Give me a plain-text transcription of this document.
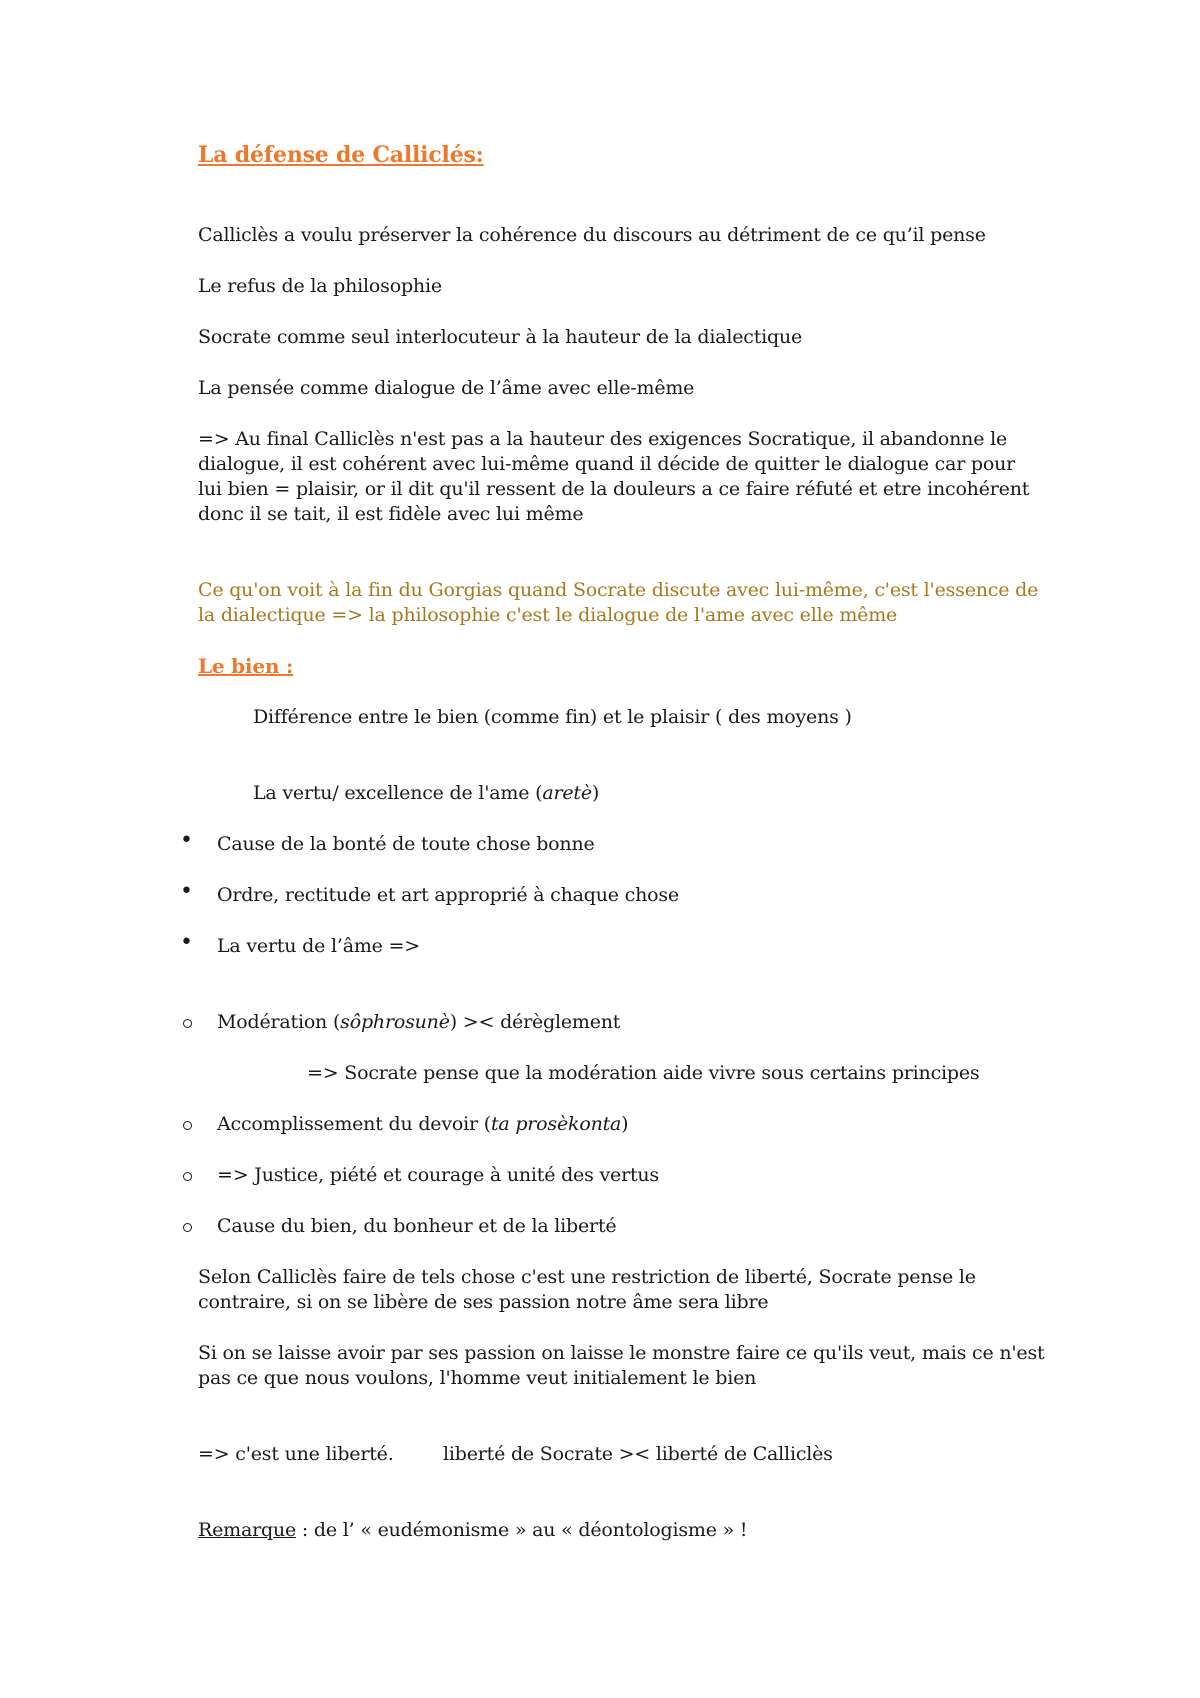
La défense de Calliclés:
Calliclès a voulu préserver la cohérence du discours au détriment de ce qu’il pense
Le refus de la philosophie
Socrate comme seul interlocuteur à la hauteur de la dialectique
La pensée comme dialogue de l’âme avec elle-même
=> Au final Calliclès n'est pas a la hauteur des exigences Socratique, il abandonne le
dialogue, il est cohérent avec lui-même quand il décide de quitter le dialogue car pour
lui bien = plaisir, or il dit qu'il ressent de la douleurs a ce faire réfuté et etre incohérent
donc il se tait, il est fidèle avec lui même
Ce qu'on voit à la fin du Gorgias quand Socrate discute avec lui-même, c'est l'essence de
la dialectique => la philosophie c'est le dialogue de l'ame avec elle même
Le bien :
Différence entre le bien (comme fin) et le plaisir ( des moyens )
La vertu/ excellence de l'ame (aretè)
• Cause de la bonté de toute chose bonne
• Ordre, rectitude et art approprié à chaque chose
• La vertu de l’âme =>
Modération (sôphrosunè) >< dérèglement
=> Socrate pense que la modération aide vivre sous certains principes
Accomplissement du devoir (ta prosèkonta)
=> Justice, piété et courage à unité des vertus
Cause du bien, du bonheur et de la liberté
Selon Calliclès faire de tels chose c'est une restriction de liberté, Socrate pense le
contraire, si on se libère de ses passion notre âme sera libre
Si on se laisse avoir par ses passion on laisse le monstre faire ce qu'ils veut, mais ce n'est
pas ce que nous voulons, l'homme veut initialement le bien
=> c'est une liberté.	liberté de Socrate >< liberté de Calliclès
Remarque : de l’ « eudémonisme » au « déontologisme » !
